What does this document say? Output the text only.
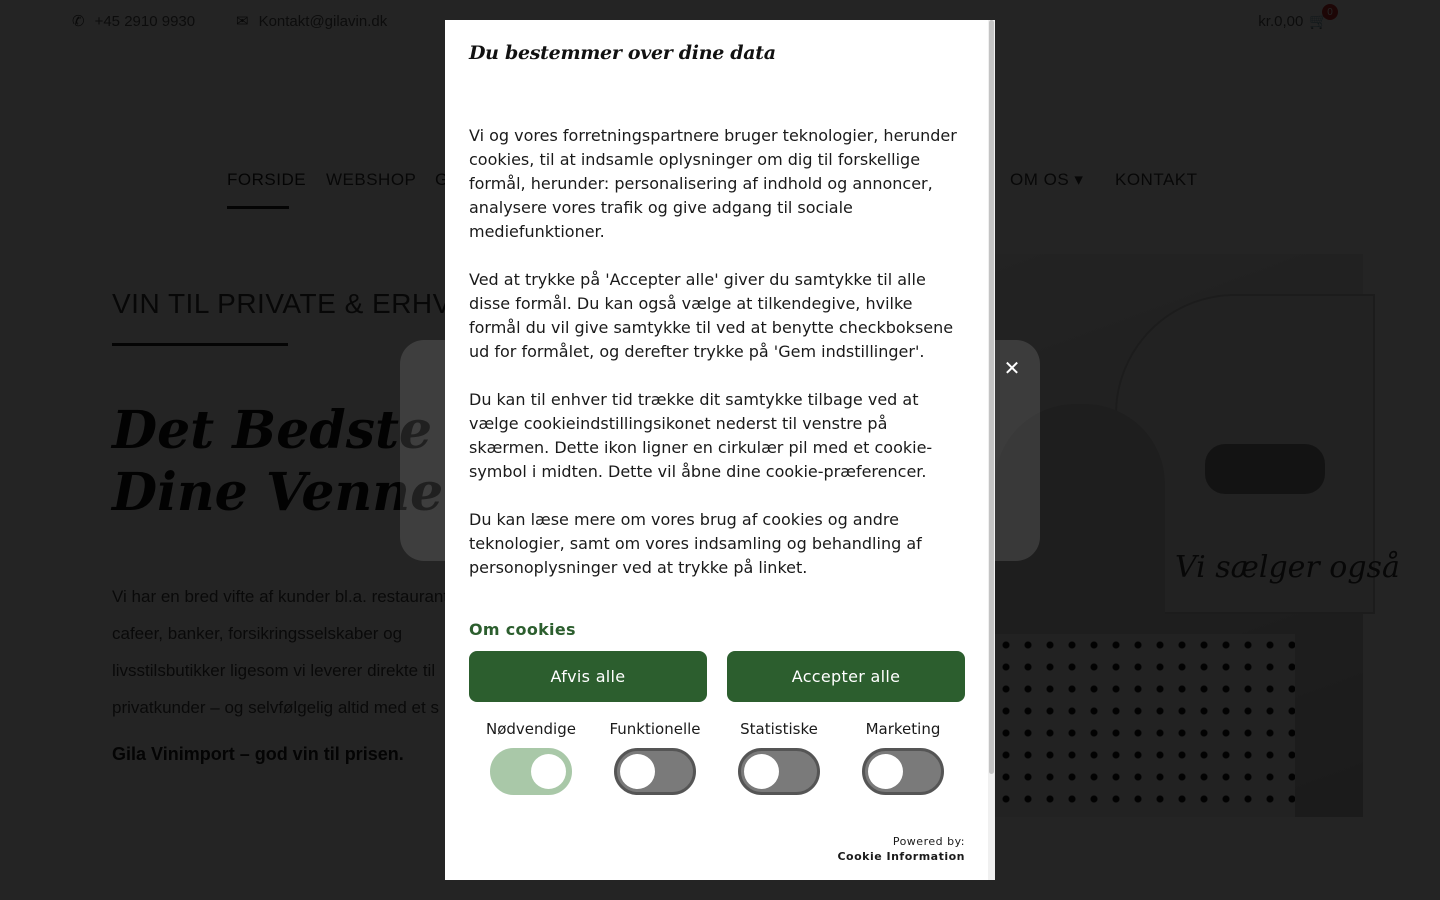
✕
Du bestemmer over dine data

Vi og vores forretningspartnere bruger teknologier, herunder cookies, til at indsamle oplysninger om dig til forskellige formål, herunder: personalisering af indhold og annoncer, analysere vores trafik og give adgang til sociale mediefunktioner.

Ved at trykke på 'Accepter alle' giver du samtykke til alle disse formål. Du kan også vælge at tilkendegive, hvilke formål du vil give samtykke til ved at benytte checkboksene ud for formålet, og derefter trykke på 'Gem indstillinger'.

Du kan til enhver tid trække dit samtykke tilbage ved at vælge cookieindstillingsikonet nederst til venstre på skærmen. Dette ikon ligner en cirkulær pil med et cookie-symbol i midten. Dette vil åbne dine cookie-præferencer.

Du kan læse mere om vores brug af cookies og andre teknologier, samt om vores indsamling og behandling af personoplysninger ved at trykke på linket.

Om cookies
Afvis alle	Accepter alle
Nødvendige	Funktionelle	Statistiske	Marketing
Powered by:
Cookie Information
